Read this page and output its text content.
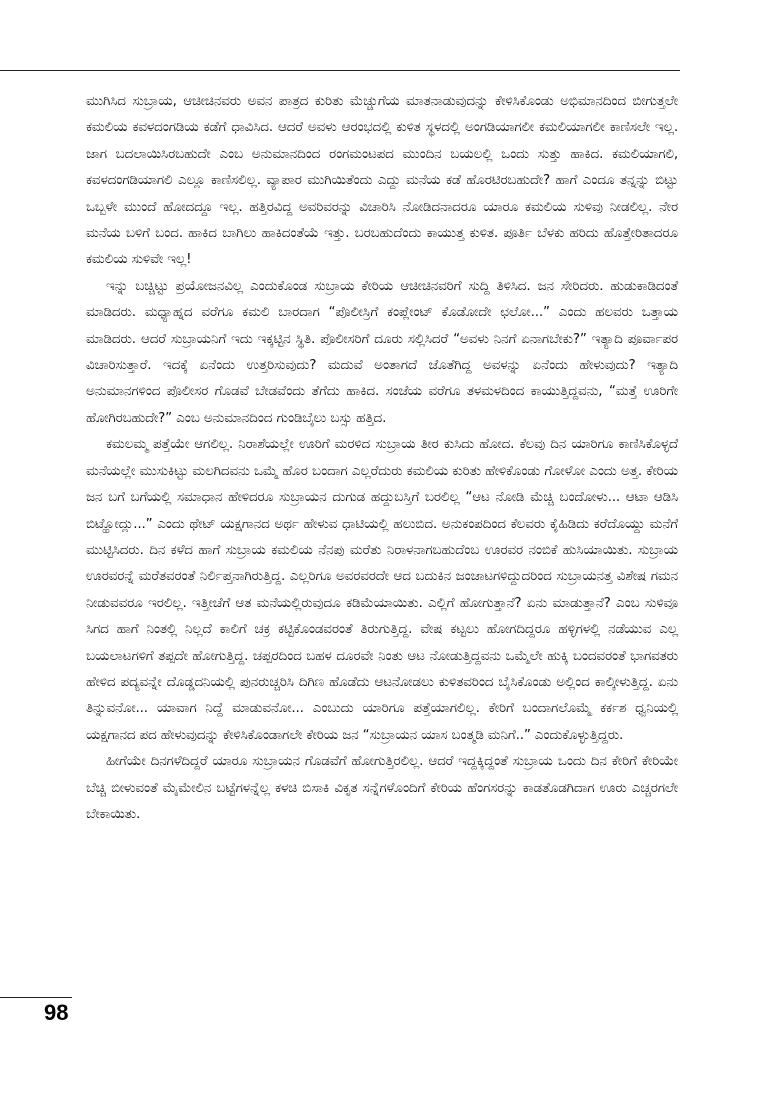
ಮುಗಿಸಿದ ಸುಬ್ರಾಯ, ಆಚೀಚಿನವರು ಅವನ ಪಾತ್ರದ ಕುರಿತು ಮೆಚ್ಚುಗೆಯ ಮಾತನಾಡುವುದನ್ನು ಕೇಳಿಸಿಕೊಂಡು ಅಭಿಮಾನದಿಂದ ಬೀಗುತ್ತಲೇ ಕಮಲಿಯ ಕವಳದಂಗಡಿಯ ಕಡೆಗೆ ಧಾವಿಸಿದ. ಆದರೆ ಅವಳು ಆರಂಭದಲ್ಲಿ ಕುಳಿತ ಸ್ಥಳದಲ್ಲಿ ಅಂಗಡಿಯಾಗಲೀ ಕಮಲಿಯಾಗಲೀ ಕಾಣಿಸಲೇ ಇಲ್ಲ. ಜಾಗ ಬದಲಾಯಿಸಿರಬಹುದೇ ಎಂಬ ಅನುಮಾನದಿಂದ ರಂಗಮಂಟಪದ ಮುಂದಿನ ಬಯಲಲ್ಲಿ ಒಂದು ಸುತ್ತು ಹಾಕಿದ. ಕಮಲಿಯಾಗಲಿ, ಕವಳದಂಗಡಿಯಾಗಲಿ ಎಲ್ಲೂ ಕಾಣಿಸಲಿಲ್ಲ. ವ್ಯಾಪಾರ ಮುಗಿಯಿತೆಂದು ಎದ್ದು ಮನೆಯ ಕಡೆ ಹೊರಟಿರಬಹುದೇ? ಹಾಗೆ ಎಂದೂ ತನ್ನನ್ನು ಬಿಟ್ಟು ಒಬ್ಬಳೇ ಮುಂದೆ ಹೋದದ್ದೂ ಇಲ್ಲ. ಹತ್ತಿರವಿದ್ದ ಅವರಿವರನ್ನು ವಿಚಾರಿಸಿ ನೋಡಿದನಾದರೂ ಯಾರೂ ಕಮಲಿಯ ಸುಳಿವು ನೀಡಲಿಲ್ಲ. ನೇರ ಮನೆಯ ಬಳಿಗೆ ಬಂದ. ಹಾಕಿದ ಬಾಗಿಲು ಹಾಕಿದಂತೆಯೆ ಇತ್ತು. ಬರಬಹುದೆಂದು ಕಾಯುತ್ತ ಕುಳಿತ. ಪೂರ್ತಿ ಬೆಳಕು ಹರಿದು ಹೊತ್ತೇರಿತಾದರೂ ಕಮಲಿಯ ಸುಳಿವೇ ಇಲ್ಲ!

ಇನ್ನು ಬಚ್ಚಿಟ್ಟು ಪ್ರಯೋಜನವಿಲ್ಲ ಎಂದುಕೊಂಡ ಸುಬ್ರಾಯ ಕೇರಿಯ ಆಚೀಚಿನವರಿಗೆ ಸುದ್ದಿ ತಿಳಿಸಿದ. ಜನ ಸೇರಿದರು. ಹುಡುಕಾಡಿದಂತೆ ಮಾಡಿದರು. ಮಧ್ಯಾಹ್ನದ ವರೆಗೂ ಕಮಲಿ ಬಾರದಾಗ “ಪೊಲೀಸ್ರಿಗೆ ಕಂಪ್ಲೇಂಟ್ ಕೊಡೋದೇ ಛಲೋ...” ಎಂದು ಹಲವರು ಒತ್ತಾಯ ಮಾಡಿದರು. ಆದರೆ ಸುಬ್ರಾಯನಿಗೆ ಇದು ಇಕ್ಕಟ್ಟಿನ ಸ್ಥಿತಿ. ಪೊಲೀಸರಿಗೆ ದೂರು ಸಲ್ಲಿಸಿದರೆ “ಅವಳು ನಿನಗೆ ಏನಾಗಬೇಕು?” ಇತ್ಯಾದಿ ಪೂರ್ವಾಪರ ವಿಚಾರಿಸುತ್ತಾರೆ. ಇದಕ್ಕೆ ಏನೆಂದು ಉತ್ತರಿಸುವುದು? ಮದುವೆ ಅಂತಾಗದೆ ಜೊತೆಗಿದ್ದ ಅವಳನ್ನು ಏನೆಂದು ಹೇಳುವುದು? ಇತ್ಯಾದಿ ಅನುಮಾನಗಳಿಂದ ಪೊಲೀಸರ ಗೊಡವೆ ಬೇಡವೆಂದು ತೆಗೆದು ಹಾಕಿದ. ಸಂಜೆಯ ವರೆಗೂ ತಳಮಳದಿಂದ ಕಾಯುತ್ತಿದ್ದವನು, “ಮತ್ತೆ ಊರಿಗೇ ಹೋಗಿರಬಹುದೇ?” ಎಂಬ ಅನುಮಾನದಿಂದ ಗುಂಡಿಬೈಲು ಬಸ್ಸು ಹತ್ತಿದ.

ಕಮಲಮ್ಮ ಪತ್ತೆಯೇ ಆಗಲಿಲ್ಲ. ನಿರಾಶೆಯಲ್ಲೇ ಊರಿಗೆ ಮರಳಿದ ಸುಬ್ರಾಯ ತೀರ ಕುಸಿದು ಹೋದ. ಕೆಲವು ದಿನ ಯಾರಿಗೂ ಕಾಣಿಸಿಕೊಳ್ಳದೆ ಮನೆಯಲ್ಲೇ ಮುಸುಕಿಟ್ಟು ಮಲಗಿದವನು ಒಮ್ಮೆ ಹೊರ ಬಂದಾಗ ಎಲ್ಲರೆದುರು ಕಮಲಿಯ ಕುರಿತು ಹೇಳಿಕೊಂಡು ಗೋಳೋ ಎಂದು ಅತ್ತ. ಕೇರಿಯ ಜನ ಬಗೆ ಬಗೆಯಲ್ಲಿ ಸಮಾಧಾನ ಹೇಳಿದರೂ ಸುಬ್ರಾಯನ ದುಗುಡ ಹದ್ದುಬಸ್ತಿಗೆ ಬರಲಿಲ್ಲ “ಆಟ ನೋಡಿ ಮೆಚ್ಚಿ ಬಂದೋಳು... ಆಟಾ ಆಡಿಸಿ ಬಿಟ್ಹೋದ್ಲು...” ಎಂದು ಥೇಟ್ ಯಕ್ಷಗಾನದ ಅರ್ಥ ಹೇಳುವ ಧಾಟಿಯಲ್ಲಿ ಹಲುಬಿದ. ಅನುಕಂಪದಿಂದ ಕೆಲವರು ಕೈಹಿಡಿದು ಕರೆದೊಯ್ದು ಮನೆಗೆ ಮುಟ್ಟಿಸಿದರು. ದಿನ ಕಳೆದ ಹಾಗೆ ಸುಬ್ರಾಯ ಕಮಲಿಯ ನೆನಪು ಮರೆತು ನಿರಾಳನಾಗಬಹುದೆಂಬ ಊರವರ ನಂಬಿಕೆ ಹುಸಿಯಾಯಿತು. ಸುಬ್ರಾಯ ಊರವರನ್ನೆ ಮರೆತವರಂತೆ ನಿರ್ಲಿಪ್ತನಾಗಿರುತ್ತಿದ್ದ. ಎಲ್ಲರಿಗೂ ಅವರವರದೇ ಆದ ಬದುಕಿನ ಜಂಜಾಟಗಳಿದ್ದುದರಿಂದ ಸುಬ್ರಾಯನತ್ತ ವಿಶೇಷ ಗಮನ ನೀಡುವವರೂ ಇರಲಿಲ್ಲ. ಇತ್ತೀಚೆಗೆ ಆತ ಮನೆಯಲ್ಲಿರುವುದೂ ಕಡಿಮೆಯಾಯಿತು. ಎಲ್ಲಿಗೆ ಹೋಗುತ್ತಾನೆ? ಏನು ಮಾಡುತ್ತಾನೆ? ಎಂಬ ಸುಳಿವೂ ಸಿಗದ ಹಾಗೆ ನಿಂತಲ್ಲಿ ನಿಲ್ಲದೆ ಕಾಲಿಗೆ ಚಕ್ರ ಕಟ್ಟಿಕೊಂಡವರಂತೆ ತಿರುಗುತ್ತಿದ್ದ. ವೇಷ ಕಟ್ಟಲು ಹೋಗದಿದ್ದರೂ ಹಳ್ಳಿಗಳಲ್ಲಿ ನಡೆಯುವ ಎಲ್ಲ ಬಯಲಾಟಗಳಿಗೆ ತಪ್ಪದೇ ಹೋಗುತ್ತಿದ್ದ. ಚಪ್ಪರದಿಂದ ಬಹಳ ದೂರವೇ ನಿಂತು ಆಟ ನೋಡುತ್ತಿದ್ದವನು ಒಮ್ಮೆಲೇ ಹುಕ್ಕಿ ಬಂದವರಂತೆ ಭಾಗವತರು ಹೇಳಿದ ಪದ್ಯವನ್ನೇ ದೊಡ್ಡದನಿಯಲ್ಲಿ ಪುನರುಚ್ಚರಿಸಿ ದಿಗಿಣ ಹೊಡೆದು ಆಟನೋಡಲು ಕುಳಿತವರಿಂದ ಬೈಸಿಕೊಂಡು ಅಲ್ಲಿಂದ ಕಾಲ್ಕೀಳುತ್ತಿದ್ದ. ಏನು ತಿನ್ನುವನೋ... ಯಾವಾಗ ನಿದ್ದೆ ಮಾಡುವನೋ... ಎಂಬುದು ಯಾರಿಗೂ ಪತ್ತೆಯಾಗಲಿಲ್ಲ. ಕೇರಿಗೆ ಬಂದಾಗಲೊಮ್ಮೆ ಕರ್ಕಶ ಧ್ವನಿಯಲ್ಲಿ ಯಕ್ಷಗಾನದ ಪದ ಹೇಳುವುದನ್ನು ಕೇಳಿಸಿಕೊಂಡಾಗಲೇ ಕೇರಿಯ ಜನ “ಸುಬ್ರಾಯನ ಯಾಸ ಬಂತ್ಮಡಿ ಮನಿಗೆ..” ಎಂದುಕೊಳ್ಳುತ್ತಿದ್ದರು.

ಹೀಗೆಯೇ ದಿನಗಳೆದಿದ್ದರೆ ಯಾರೂ ಸುಬ್ರಾಯನ ಗೊಡವೆಗೆ ಹೋಗುತ್ತಿರಲಿಲ್ಲ. ಆದರೆ ಇದ್ದಕ್ಕಿದ್ದಂತೆ ಸುಬ್ರಾಯ ಒಂದು ದಿನ ಕೇರಿಗೆ ಕೇರಿಯೇ ಬೆಚ್ಚಿ ಬೀಳುವಂತೆ ಮೈಮೇಲಿನ ಬಟ್ಟೆಗಳನ್ನೆಲ್ಲ ಕಳಚಿ ಬಿಸಾಕಿ ವಿಕೃತ ಸನ್ನೆಗಳೊಂದಿಗೆ ಕೇರಿಯ ಹೆಂಗಸರನ್ನು ಕಾಡತೊಡಗಿದಾಗ ಊರು ಎಚ್ಚರಗಲೇ ಬೇಕಾಯಿತು.

98
